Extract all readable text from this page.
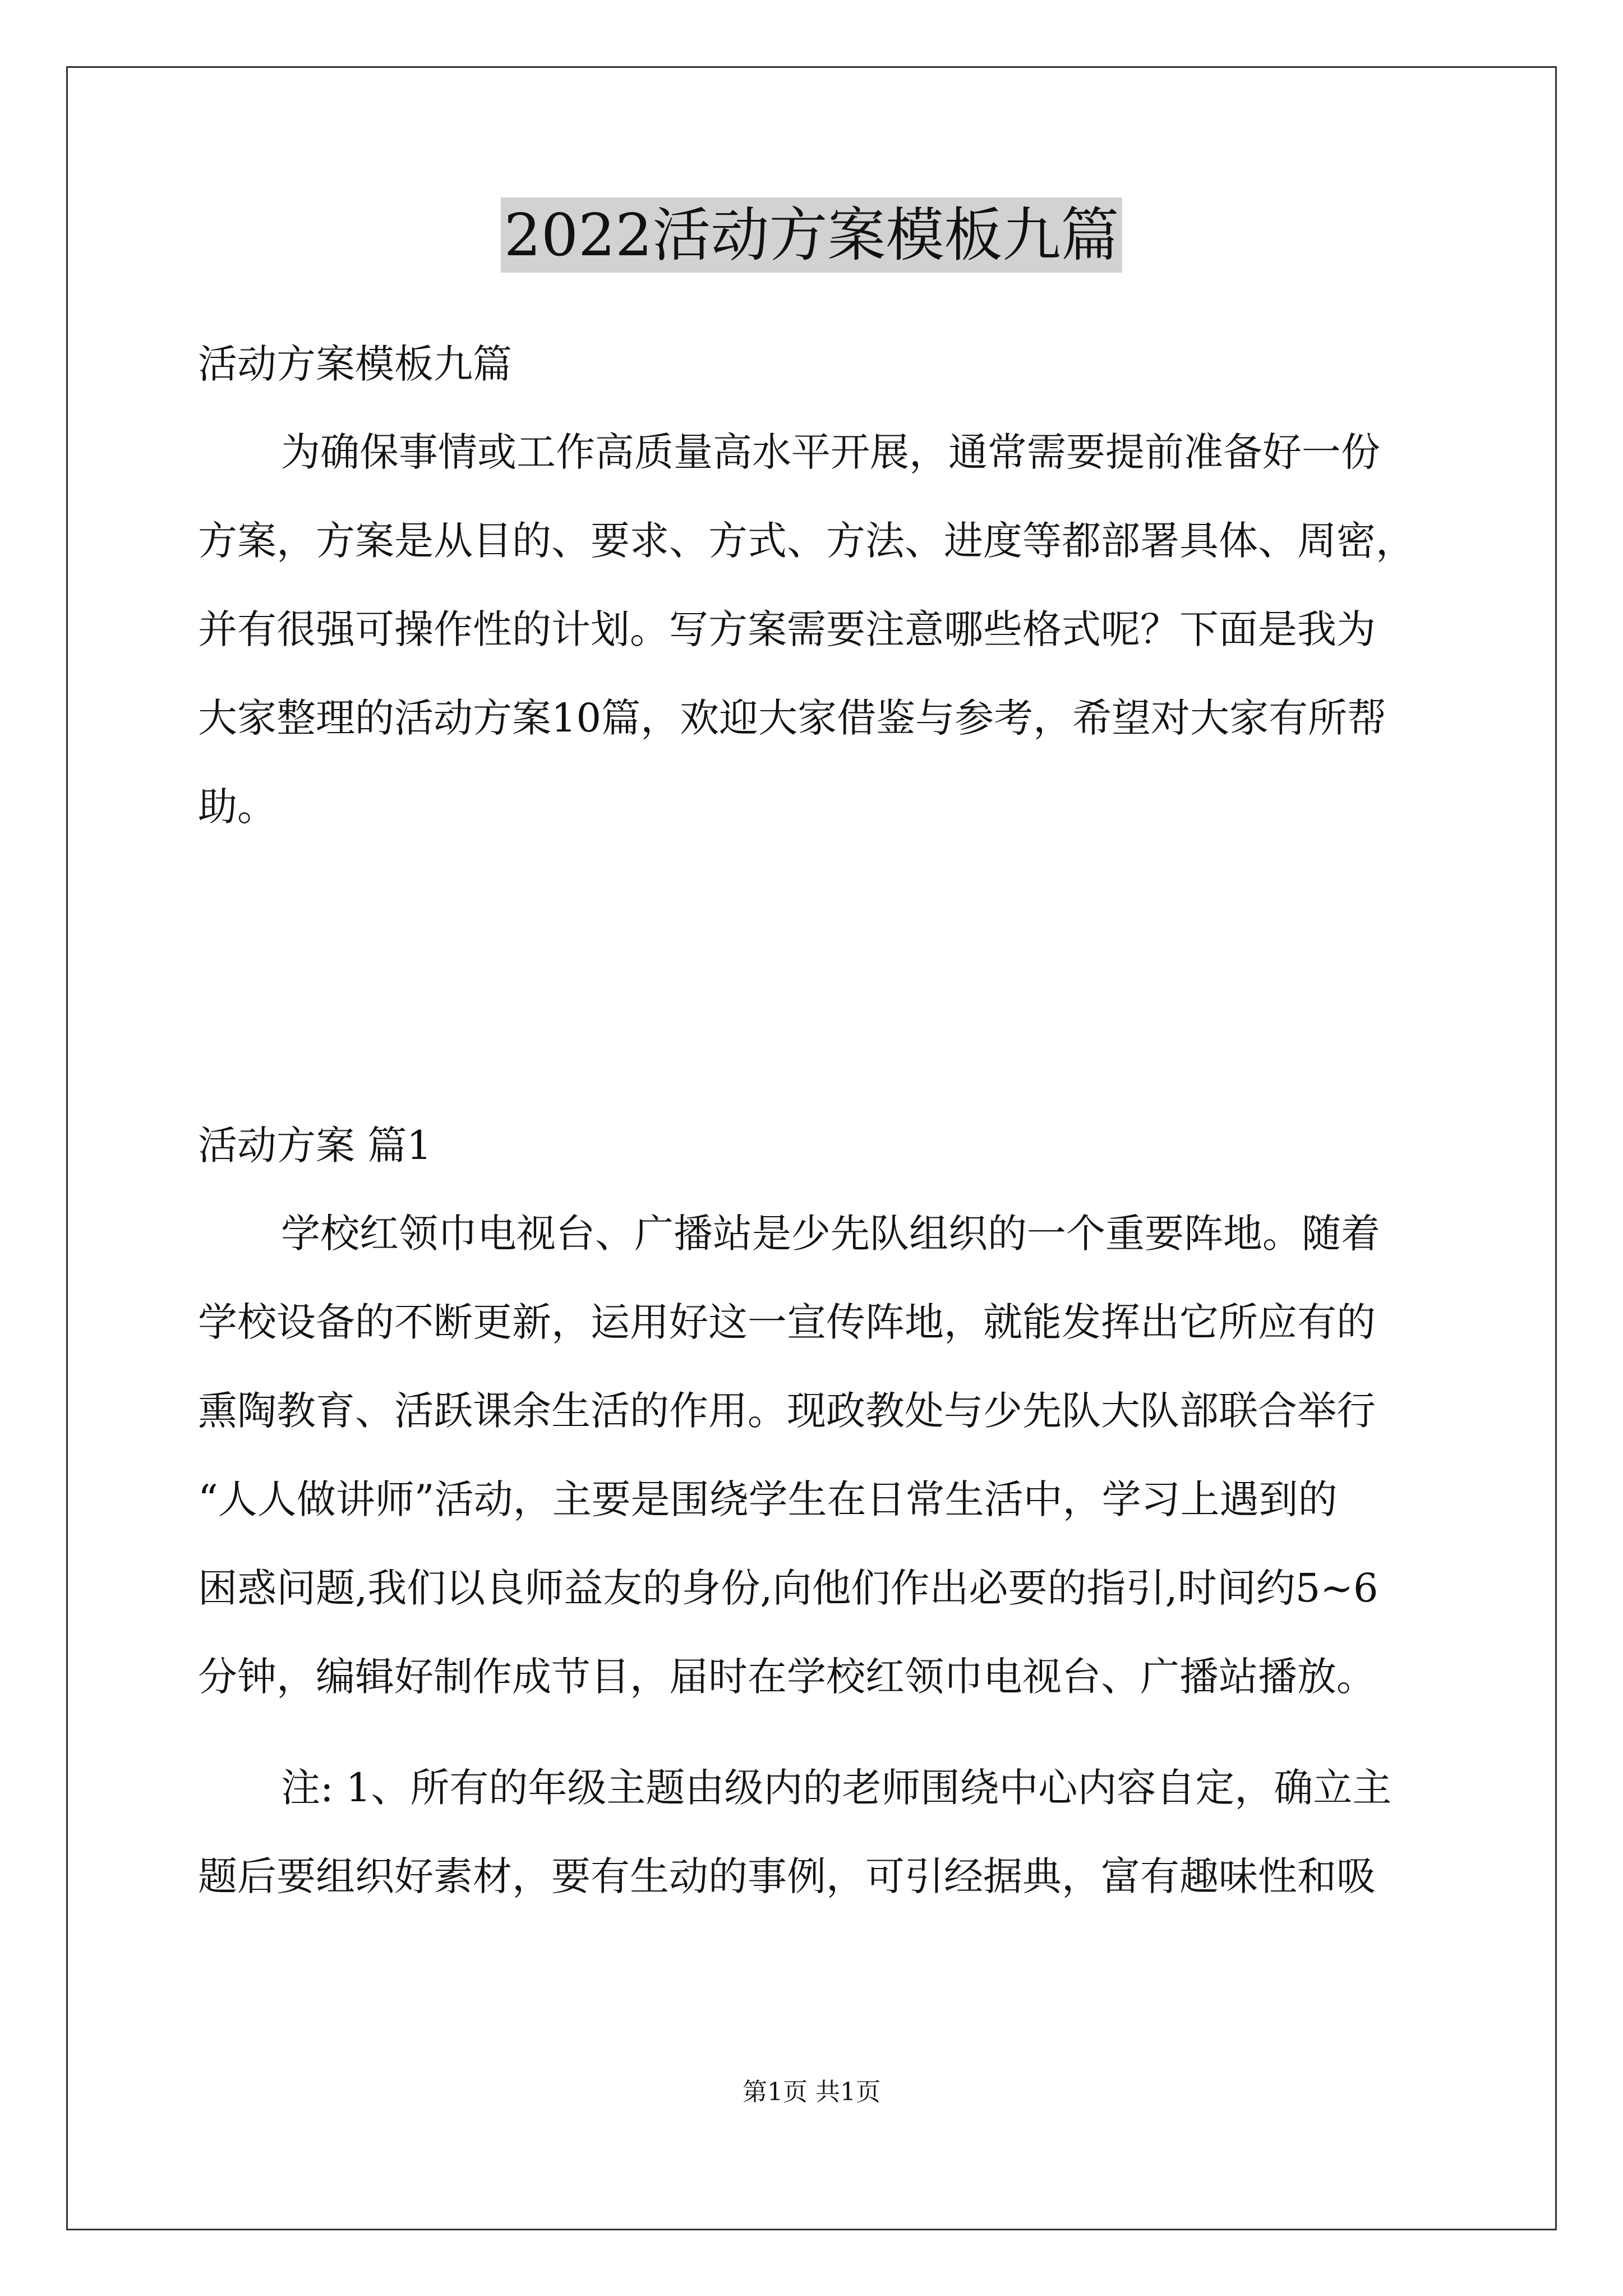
2022活动方案模板九篇
活动方案模板九篇
为确保事情或工作高质量高水平开展，通常需要提前准备好一份
方案，方案是从目的、要求、方式、方法、进度等都部署具体、周密，
并有很强可操作性的计划。写方案需要注意哪些格式呢？下面是我为
大家整理的活动方案10篇，欢迎大家借鉴与参考，希望对大家有所帮
助。
活动方案 篇1
学校红领巾电视台、广播站是少先队组织的一个重要阵地。随着
学校设备的不断更新，运用好这一宣传阵地，就能发挥出它所应有的
熏陶教育、活跃课余生活的作用。现政教处与少先队大队部联合举行
“人人做讲师”活动，主要是围绕学生在日常生活中，学习上遇到的
困惑问题,我们以良师益友的身份,向他们作出必要的指引,时间约5~6
分钟，编辑好制作成节目，届时在学校红领巾电视台、广播站播放。
注: 1、所有的年级主题由级内的老师围绕中心内容自定，确立主
题后要组织好素材，要有生动的事例，可引经据典，富有趣味性和吸
第1页 共1页
